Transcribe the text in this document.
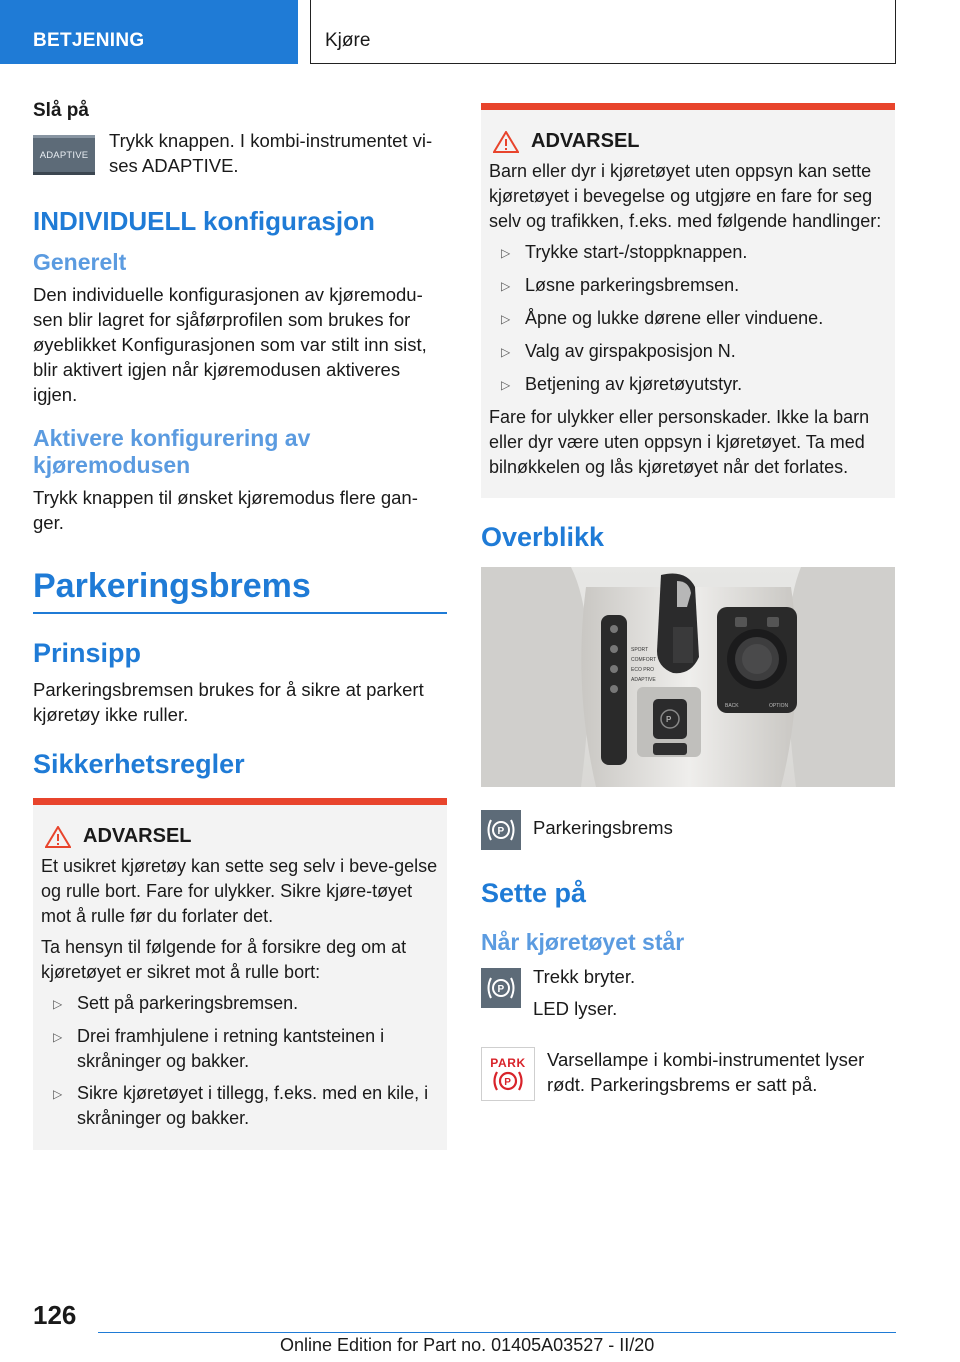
BETJENING	Kjøre
Slå på
ADAPTIVE

Trykk knappen. I kombi-instrumentet vi-ses ADAPTIVE.

INDIVIDUELL konfigurasjon
Generelt

Den individuelle konfigurasjonen av kjøremodu-sen blir lagret for sjåførprofilen som brukes for øyeblikket Konfigurasjonen som var stilt inn sist, blir aktivert igjen når kjøremodusen aktiveres igjen.

Aktivere konfigurering av kjøremodusen

Trykk knappen til ønsket kjøremodus flere gan-ger.

Parkeringsbrems
Prinsipp

Parkeringsbremsen brukes for å sikre at parkert kjøretøy ikke ruller.

Sikkerhetsregler
ADVARSEL

Et usikret kjøretøy kan sette seg selv i beve-gelse og rulle bort. Fare for ulykker. Sikre kjøre-tøyet mot å rulle før du forlater det.

Ta hensyn til følgende for å forsikre deg om at kjøretøyet er sikret mot å rulle bort:

▷ Sett på parkeringsbremsen.
▷ Drei framhjulene i retning kantsteinen i skråninger og bakker.
▷ Sikre kjøretøyet i tillegg, f.eks. med en kile, i skråninger og bakker.
ADVARSEL

Barn eller dyr i kjøretøyet uten oppsyn kan sette kjøretøyet i bevegelse og utgjøre en fare for seg selv og trafikken, f.eks. med følgende handlinger:

▷ Trykke start-/stoppknappen.
▷ Løsne parkeringsbremsen.
▷ Åpne og lukke dørene eller vinduene.
▷ Valg av girspakposisjon N.
▷ Betjening av kjøretøyutstyr.

Fare for ulykker eller personskader. Ikke la barn eller dyr være uten oppsyn i kjøretøyet. Ta med bilnøkkelen og lås kjøretøyet når det forlates.

Overblikk
SPORT
COMFORT
ECO PRO
ADAPTIVE
P
BACK	OPTION
P Parkeringsbrems

Sette på
Når kjøretøyet står
P

Trekk bryter.

LED lyser.

PARK
P

Varsellampe i kombi-instrumentet lyser rødt. Parkeringsbrems er satt på.

126
Online Edition for Part no. 01405A03527 - II/20
